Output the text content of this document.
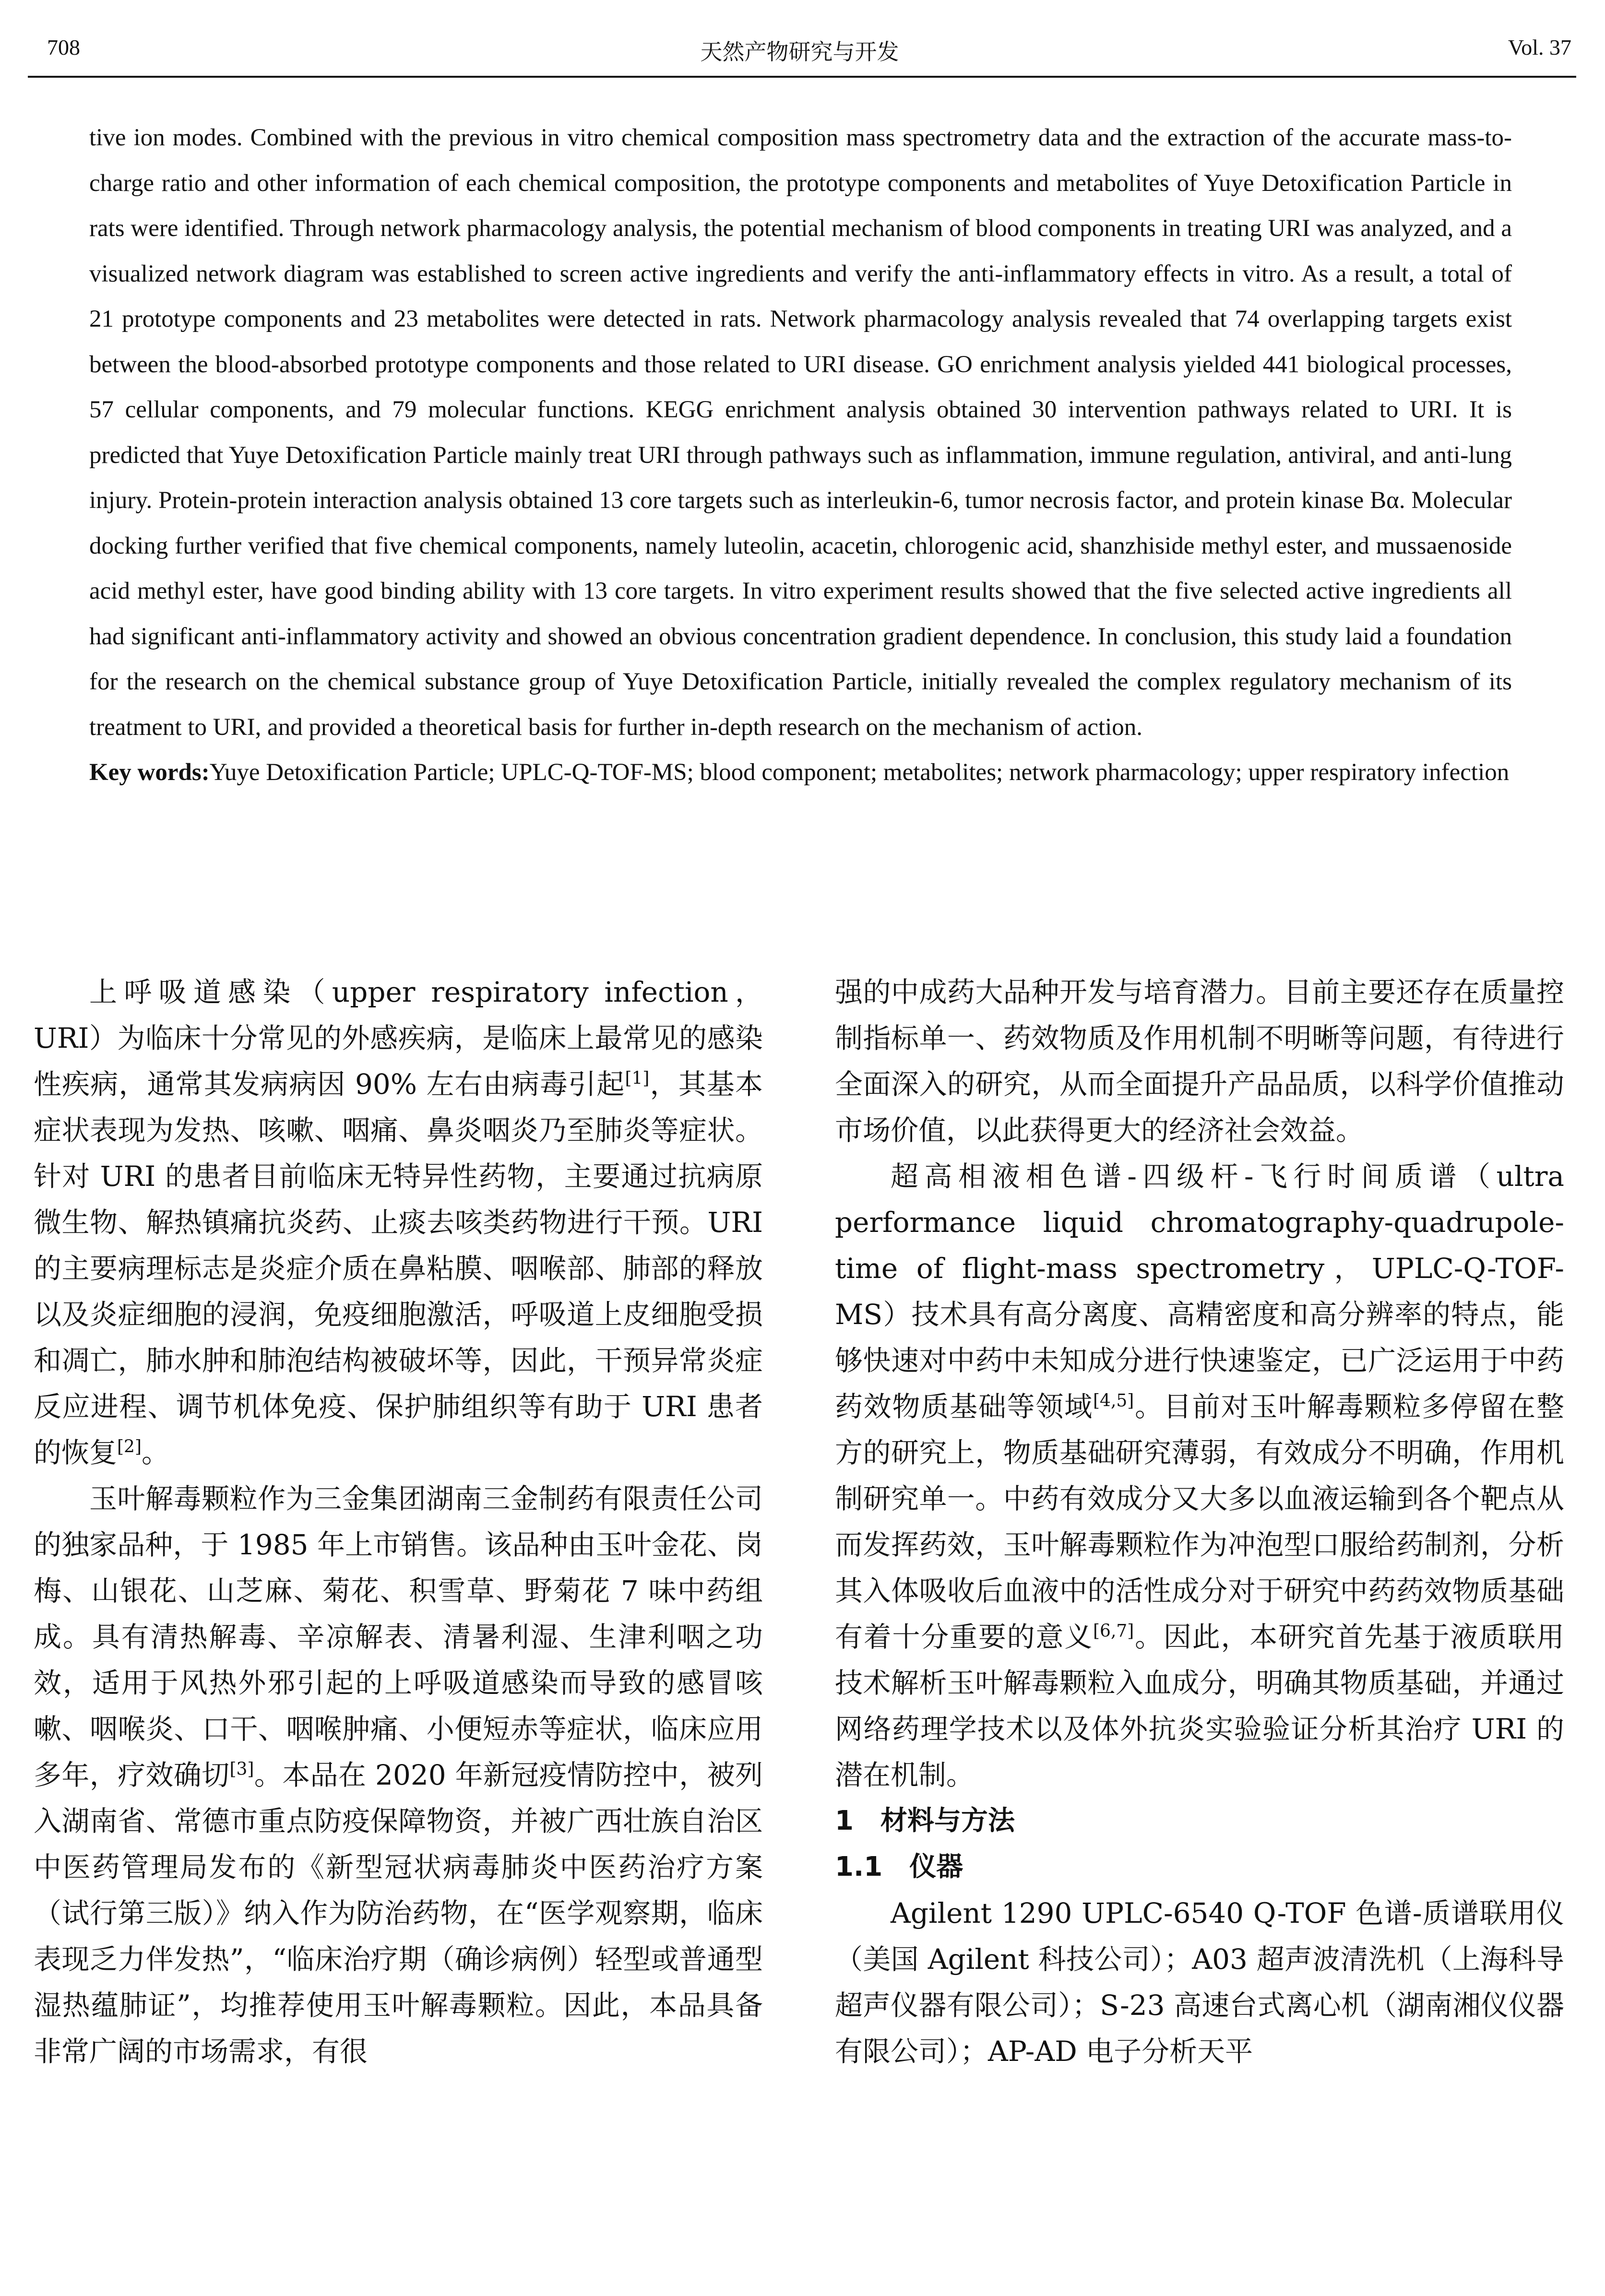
708	天然产物研究与开发	Vol. 37

tive ion modes. Combined with the previous in vitro chemical composition mass spectrometry data and the extraction of the accurate mass-to-charge ratio and other information of each chemical composition, the prototype components and metabolites of Yuye Detoxification Particle in rats were identified. Through network pharmacology analysis, the potential mechanism of blood components in treating URI was analyzed, and a visualized network diagram was established to screen active ingredients and verify the anti-inflammatory effects in vitro. As a result, a total of 21 prototype components and 23 metabolites were detected in rats. Network pharmacology analysis revealed that 74 overlapping targets exist between the blood-absorbed prototype components and those related to URI disease. GO enrichment analysis yielded 441 biological processes, 57 cellular components, and 79 molecular functions. KEGG enrichment analysis obtained 30 intervention pathways related to URI. It is predicted that Yuye Detoxification Particle mainly treat URI through pathways such as inflammation, immune regulation, antiviral, and anti-lung injury. Protein-protein interaction analysis obtained 13 core targets such as interleukin-6, tumor necrosis factor, and protein kinase Bα. Molecular docking further verified that five chemical components, namely luteolin, acacetin, chlorogenic acid, shanzhiside methyl ester, and mussaenoside acid methyl ester, have good binding ability with 13 core targets. In vitro experiment results showed that the five selected active ingredients all had significant anti-inflammatory activity and showed an obvious concentration gradient dependence. In conclusion, this study laid a foundation for the research on the chemical substance group of Yuye Detoxification Particle, initially revealed the complex regulatory mechanism of its treatment to URI, and provided a theoretical basis for further in-depth research on the mechanism of action.

Key words:Yuye Detoxification Particle; UPLC-Q-TOF-MS; blood component; metabolites; network pharmacology; upper respiratory infection

上呼吸道感染（upper respiratory infection，URI）为临床十分常见的外感疾病，是临床上最常见的感染性疾病，通常其发病病因 90% 左右由病毒引起[1]，其基本症状表现为发热、咳嗽、咽痛、鼻炎咽炎乃至肺炎等症状。针对 URI 的患者目前临床无特异性药物，主要通过抗病原微生物、解热镇痛抗炎药、止痰去咳类药物进行干预。URI 的主要病理标志是炎症介质在鼻粘膜、咽喉部、肺部的释放以及炎症细胞的浸润，免疫细胞激活，呼吸道上皮细胞受损和凋亡，肺水肿和肺泡结构被破坏等，因此，干预异常炎症反应进程、调节机体免疫、保护肺组织等有助于 URI 患者的恢复[2]。

玉叶解毒颗粒作为三金集团湖南三金制药有限责任公司的独家品种，于 1985 年上市销售。该品种由玉叶金花、岗梅、山银花、山芝麻、菊花、积雪草、野菊花 7 味中药组成。具有清热解毒、辛凉解表、清暑利湿、生津利咽之功效，适用于风热外邪引起的上呼吸道感染而导致的感冒咳嗽、咽喉炎、口干、咽喉肿痛、小便短赤等症状，临床应用多年，疗效确切[3]。本品在 2020 年新冠疫情防控中，被列入湖南省、常德市重点防疫保障物资，并被广西壮族自治区中医药管理局发布的《新型冠状病毒肺炎中医药治疗方案（试行第三版）》纳入作为防治药物，在“医学观察期，临床表现乏力伴发热”，“临床治疗期（确诊病例）轻型或普通型湿热蕴肺证”，均推荐使用玉叶解毒颗粒。因此，本品具备非常广阔的市场需求，有很

强的中成药大品种开发与培育潜力。目前主要还存在质量控制指标单一、药效物质及作用机制不明晰等问题，有待进行全面深入的研究，从而全面提升产品品质，以科学价值推动市场价值，以此获得更大的经济社会效益。

超高相液相色谱-四级杆-飞行时间质谱（ultra performance liquid chromatography-quadrupole-time of flight-mass spectrometry，UPLC-Q-TOF-MS）技术具有高分离度、高精密度和高分辨率的特点，能够快速对中药中未知成分进行快速鉴定，已广泛运用于中药药效物质基础等领域[4,5]。目前对玉叶解毒颗粒多停留在整方的研究上，物质基础研究薄弱，有效成分不明确，作用机制研究单一。中药有效成分又大多以血液运输到各个靶点从而发挥药效，玉叶解毒颗粒作为冲泡型口服给药制剂，分析其入体吸收后血液中的活性成分对于研究中药药效物质基础有着十分重要的意义[6,7]。因此，本研究首先基于液质联用技术解析玉叶解毒颗粒入血成分，明确其物质基础，并通过网络药理学技术以及体外抗炎实验验证分析其治疗 URI 的潜在机制。

1　材料与方法

1.1　仪器

Agilent 1290 UPLC-6540 Q-TOF 色谱-质谱联用仪（美国 Agilent 科技公司）；A03 超声波清洗机（上海科导超声仪器有限公司）；S-23 高速台式离心机（湖南湘仪仪器有限公司）；AP-AD 电子分析天平
